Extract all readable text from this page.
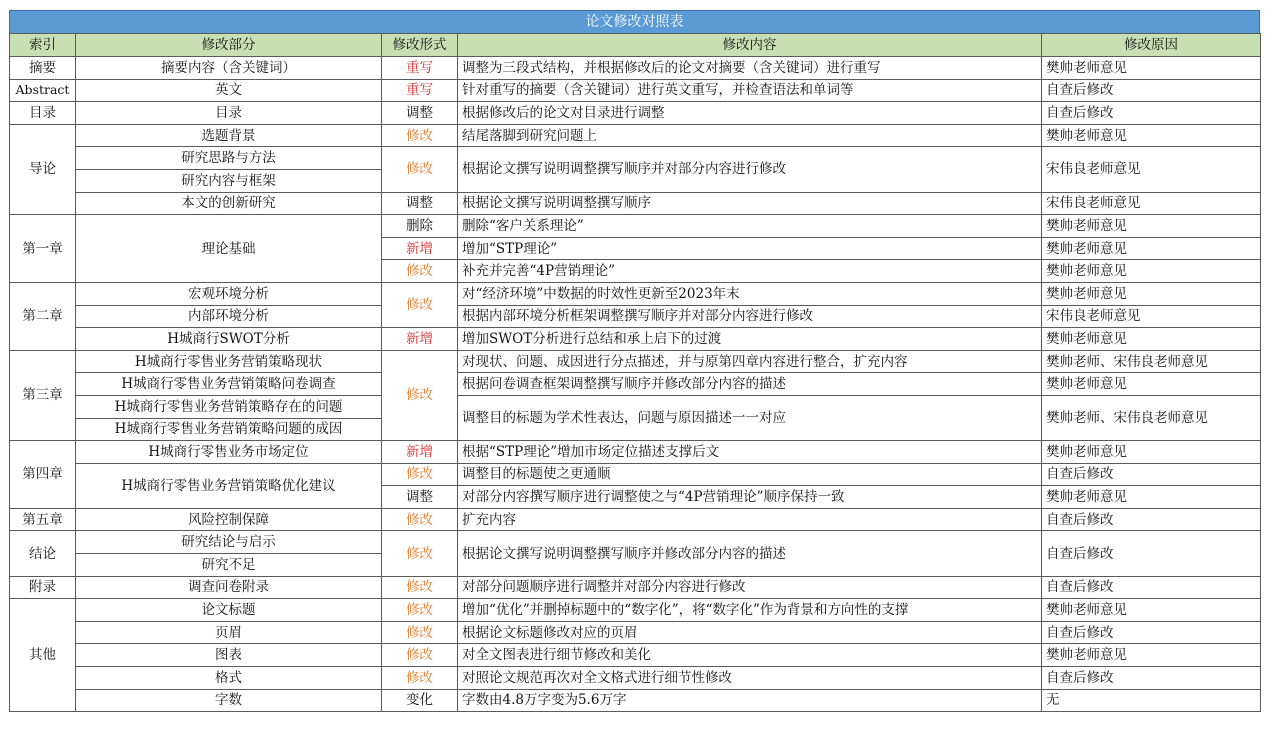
论文修改对照表
索引	修改部分	修改形式	修改内容	修改原因
摘要	摘要内容（含关键词）	重写	调整为三段式结构，并根据修改后的论文对摘要（含关键词）进行重写	樊帅老师意见
Abstract	英文	重写	针对重写的摘要（含关键词）进行英文重写，并检查语法和单词等	自查后修改
目录	目录	调整	根据修改后的论文对目录进行调整	自查后修改
导论	选题背景	修改	结尾落脚到研究问题上	樊帅老师意见
	研究思路与方法	修改	根据论文撰写说明调整撰写顺序并对部分内容进行修改	宋伟良老师意见
	研究内容与框架			
	本文的创新研究	调整	根据论文撰写说明调整撰写顺序	宋伟良老师意见
第一章	理论基础	删除	删除“客户关系理论”	樊帅老师意见
		新增	增加“STP理论”	樊帅老师意见
		修改	补充并完善“4P营销理论”	樊帅老师意见
第二章	宏观环境分析	修改	对“经济环境”中数据的时效性更新至2023年末	樊帅老师意见
	内部环境分析		根据内部环境分析框架调整撰写顺序并对部分内容进行修改	宋伟良老师意见
	H城商行SWOT分析	新增	增加SWOT分析进行总结和承上启下的过渡	樊帅老师意见
第三章	H城商行零售业务营销策略现状	修改	对现状、问题、成因进行分点描述，并与原第四章内容进行整合，扩充内容	樊帅老师、宋伟良老师意见
	H城商行零售业务营销策略问卷调查		根据问卷调查框架调整撰写顺序并修改部分内容的描述	樊帅老师意见
	H城商行零售业务营销策略存在的问题		调整目的标题为学术性表达，问题与原因描述一一对应	樊帅老师、宋伟良老师意见
	H城商行零售业务营销策略问题的成因			
第四章	H城商行零售业务市场定位	新增	根据“STP理论”增加市场定位描述支撑后文	樊帅老师意见
	H城商行零售业务营销策略优化建议	修改	调整目的标题使之更通顺	自查后修改
		调整	对部分内容撰写顺序进行调整使之与“4P营销理论”顺序保持一致	樊帅老师意见
第五章	风险控制保障	修改	扩充内容	自查后修改
结论	研究结论与启示	修改	根据论文撰写说明调整撰写顺序并修改部分内容的描述	自查后修改
	研究不足			
附录	调查问卷附录	修改	对部分问题顺序进行调整并对部分内容进行修改	自查后修改
其他	论文标题	修改	增加“优化”并删掉标题中的“数字化”，将“数字化”作为背景和方向性的支撑	樊帅老师意见
	页眉	修改	根据论文标题修改对应的页眉	自查后修改
	图表	修改	对全文图表进行细节修改和美化	樊帅老师意见
	格式	修改	对照论文规范再次对全文格式进行细节性修改	自查后修改
	字数	变化	字数由4.8万字变为5.6万字	无
